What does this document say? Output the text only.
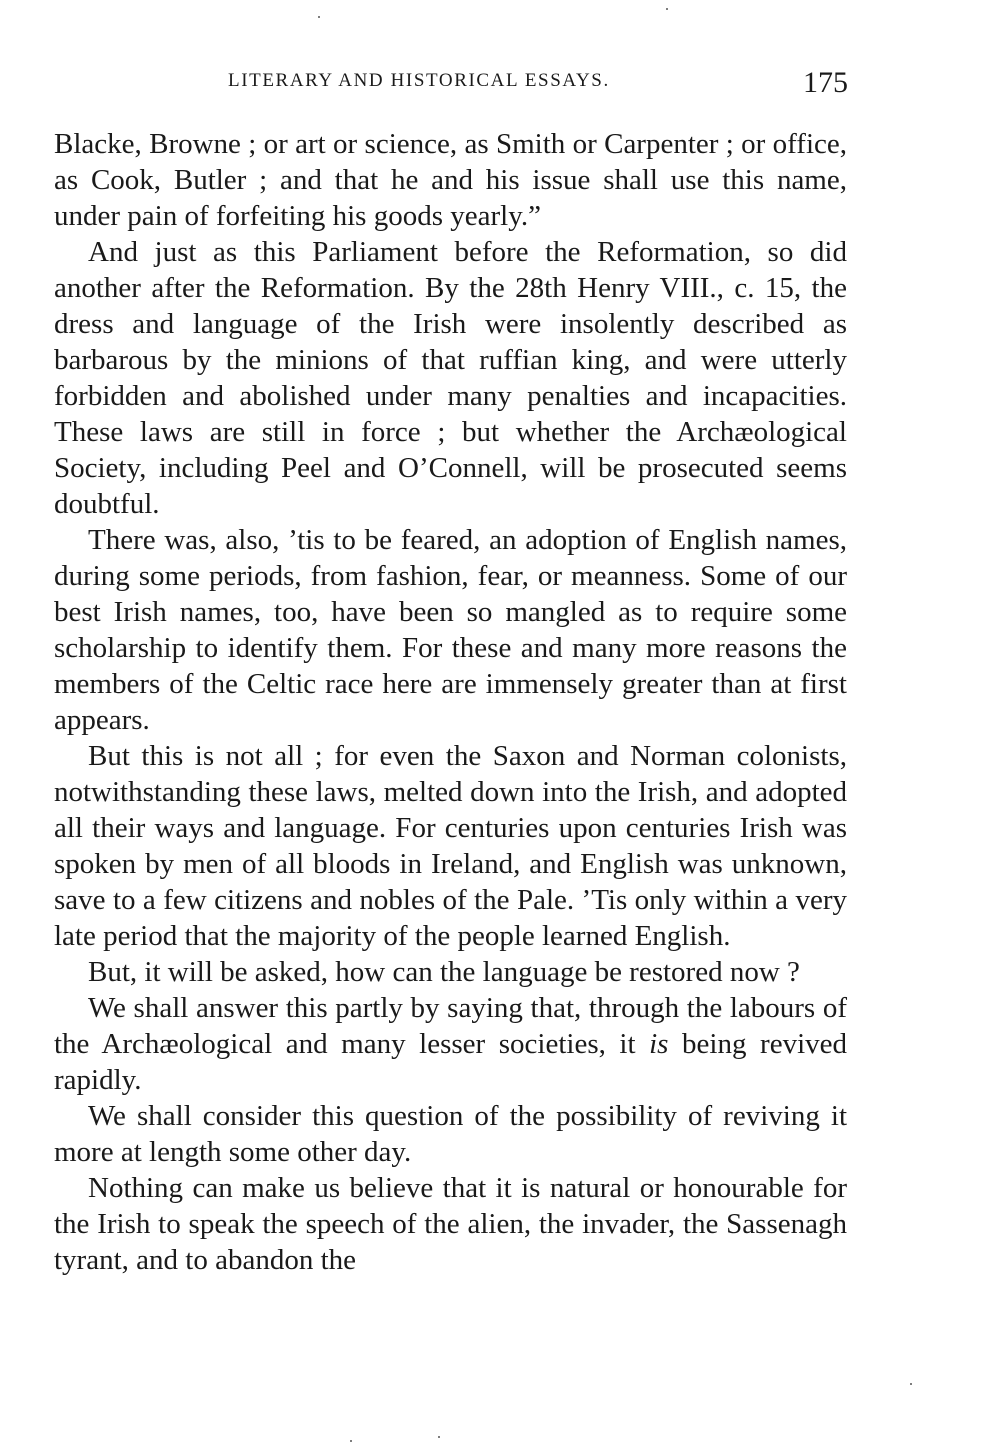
LITERARY AND HISTORICAL ESSAYS.	175

Blacke, Browne ; or art or science, as Smith or Carpenter ; or office, as Cook, Butler ; and that he and his issue shall use this name, under pain of forfeiting his goods yearly.”

And just as this Parliament before the Reformation, so did another after the Reformation. By the 28th Henry VIII., c. 15, the dress and language of the Irish were insolently described as barbarous by the minions of that ruffian king, and were utterly forbidden and abolished under many penalties and incapacities. These laws are still in force ; but whether the Archæological Society, including Peel and O’Connell, will be prosecuted seems doubtful.

There was, also, ’tis to be feared, an adoption of English names, during some periods, from fashion, fear, or meanness. Some of our best Irish names, too, have been so mangled as to require some scholarship to identify them. For these and many more reasons the members of the Celtic race here are immensely greater than at first appears.

But this is not all ; for even the Saxon and Norman colonists, notwithstanding these laws, melted down into the Irish, and adopted all their ways and language. For centuries upon centuries Irish was spoken by men of all bloods in Ireland, and English was unknown, save to a few citizens and nobles of the Pale. ’Tis only within a very late period that the majority of the people learned English.

But, it will be asked, how can the language be restored now ?

We shall answer this partly by saying that, through the labours of the Archæological and many lesser societies, it is being revived rapidly.

We shall consider this question of the possibility of reviving it more at length some other day.

Nothing can make us believe that it is natural or honourable for the Irish to speak the speech of the alien, the invader, the Sassenagh tyrant, and to abandon the
